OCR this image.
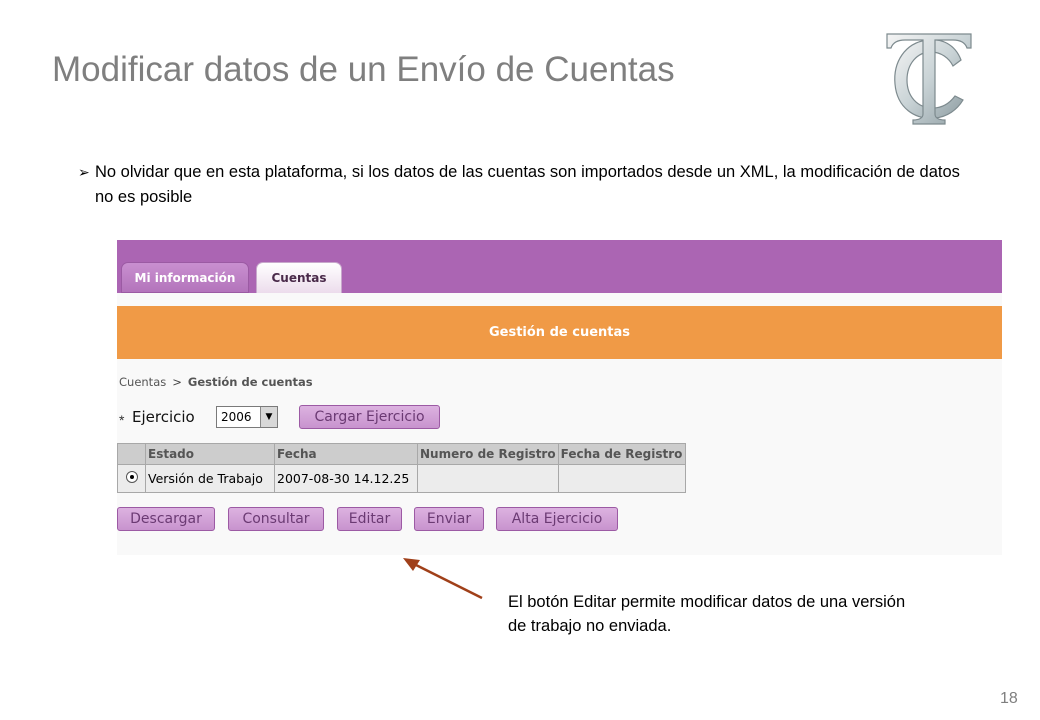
Modificar datos de un Envío de Cuentas
➢ No olvidar que en esta plataforma, si los datos de las cuentas son importados desde un XML, la modificación de datos no es posible
Mi información	Cuentas
Gestión de cuentas
Cuentas > Gestión de cuentas
* Ejercicio 2006	▼	Cargar Ejercicio
	Estado	Fecha	Numero de Registro	Fecha de Registro
	Versión de Trabajo	2007-08-30 14.12.25		
Descargar	Consultar	Editar	Enviar	Alta Ejercicio
El botón Editar permite modificar datos de una versión de trabajo no enviada.
18
